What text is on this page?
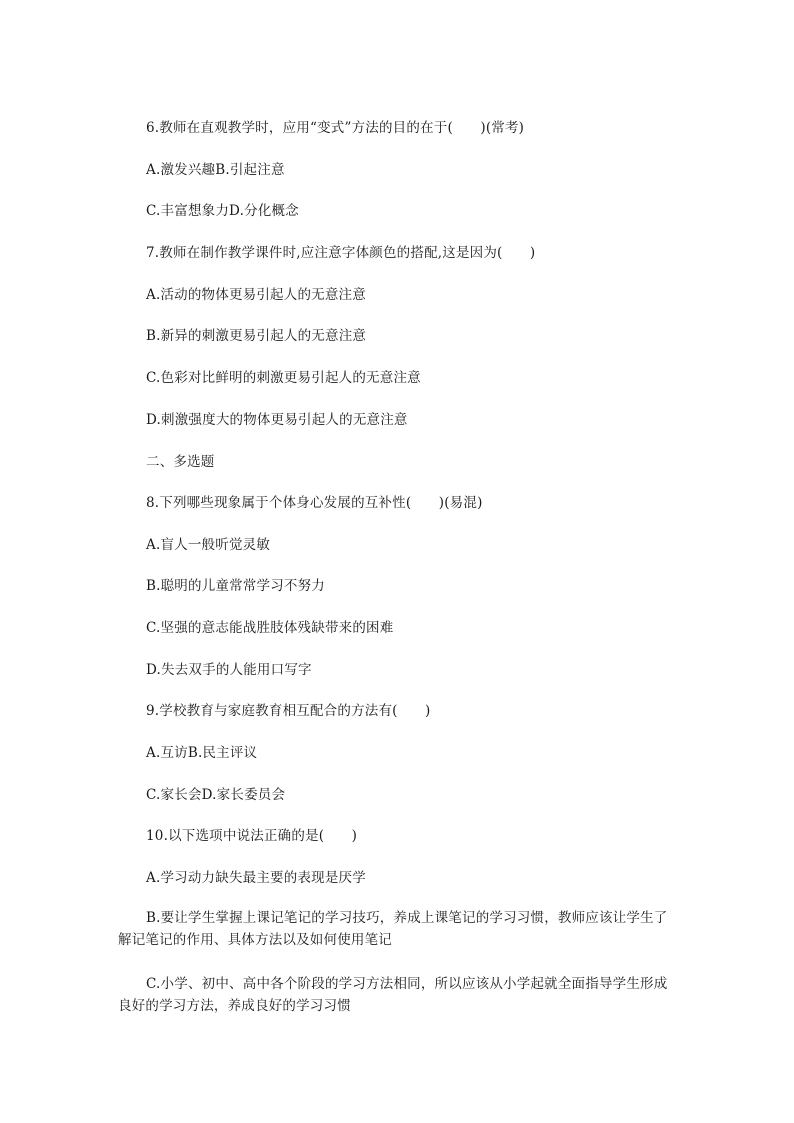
6.教师在直观教学时，应用“变式”方法的目的在于(　　)(常考)
A.激发兴趣B.引起注意
C.丰富想象力D.分化概念
7.教师在制作教学课件时,应注意字体颜色的搭配,这是因为(　　)
A.活动的物体更易引起人的无意注意
B.新异的刺激更易引起人的无意注意
C.色彩对比鲜明的刺激更易引起人的无意注意
D.刺激强度大的物体更易引起人的无意注意
二、多选题
8.下列哪些现象属于个体身心发展的互补性(　　)(易混)
A.盲人一般听觉灵敏
B.聪明的儿童常常学习不努力
C.坚强的意志能战胜肢体残缺带来的困难
D.失去双手的人能用口写字
9.学校教育与家庭教育相互配合的方法有(　　)
A.互访B.民主评议
C.家长会D.家长委员会
10.以下选项中说法正确的是(　　)
A.学习动力缺失最主要的表现是厌学
B.要让学生掌握上课记笔记的学习技巧，养成上课笔记的学习习惯，教师应该让学生了解记笔记的作用、具体方法以及如何使用笔记
C.小学、初中、高中各个阶段的学习方法相同，所以应该从小学起就全面指导学生形成良好的学习方法，养成良好的学习习惯
